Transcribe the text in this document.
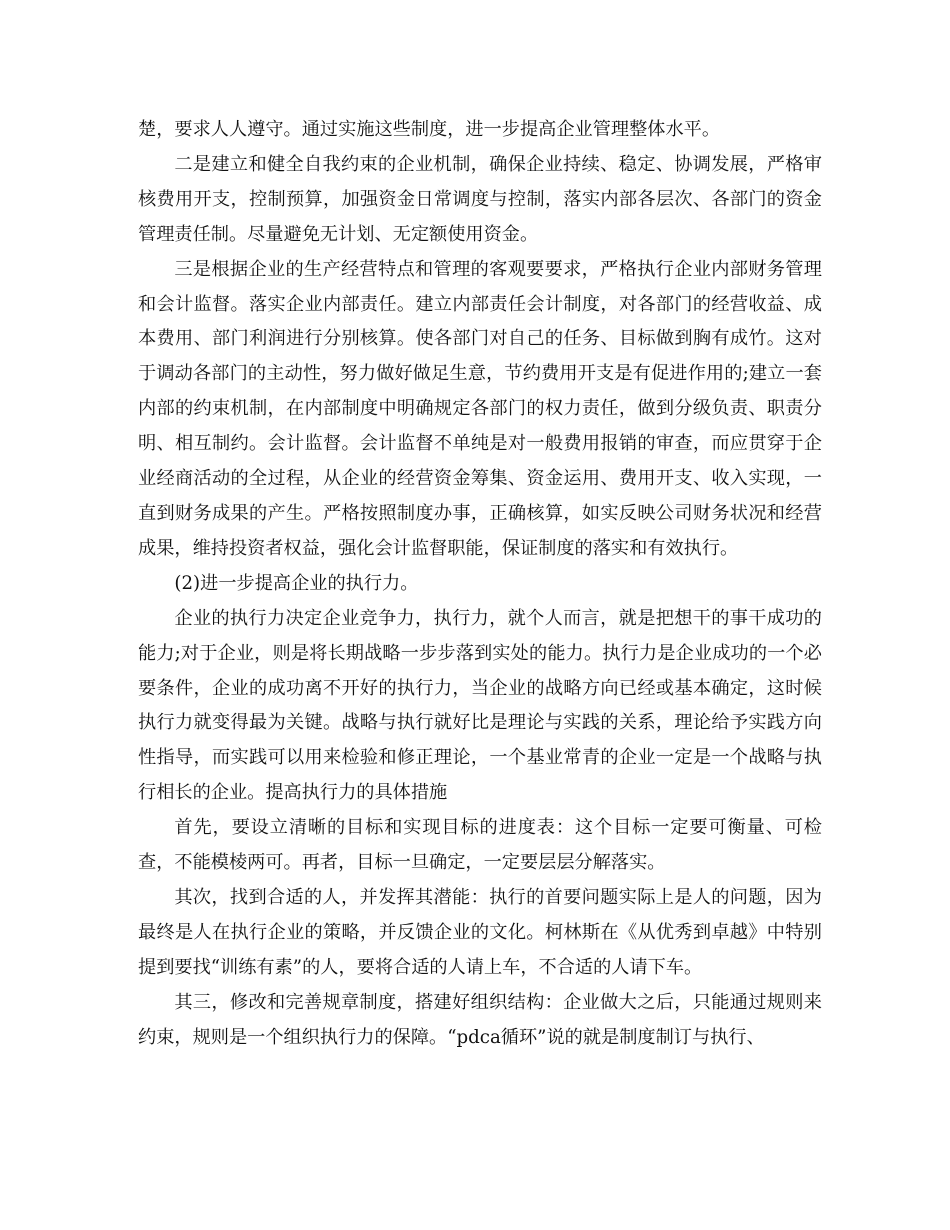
楚，要求人人遵守。通过实施这些制度，进一步提高企业管理整体水平。

二是建立和健全自我约束的企业机制，确保企业持续、稳定、协调发展，严格审核费用开支，控制预算，加强资金日常调度与控制，落实内部各层次、各部门的资金管理责任制。尽量避免无计划、无定额使用资金。

三是根据企业的生产经营特点和管理的客观要要求，严格执行企业内部财务管理和会计监督。落实企业内部责任。建立内部责任会计制度，对各部门的经营收益、成本费用、部门利润进行分别核算。使各部门对自己的任务、目标做到胸有成竹。这对于调动各部门的主动性，努力做好做足生意，节约费用开支是有促进作用的;建立一套内部的约束机制，在内部制度中明确规定各部门的权力责任，做到分级负责、职责分明、相互制约。会计监督。会计监督不单纯是对一般费用报销的审查，而应贯穿于企业经商活动的全过程，从企业的经营资金筹集、资金运用、费用开支、收入实现，一直到财务成果的产生。严格按照制度办事，正确核算，如实反映公司财务状况和经营成果，维持投资者权益，强化会计监督职能，保证制度的落实和有效执行。

(2)进一步提高企业的执行力。

企业的执行力决定企业竞争力，执行力，就个人而言，就是把想干的事干成功的能力;对于企业，则是将长期战略一步步落到实处的能力。执行力是企业成功的一个必要条件，企业的成功离不开好的执行力，当企业的战略方向已经或基本确定，这时候执行力就变得最为关键。战略与执行就好比是理论与实践的关系，理论给予实践方向性指导，而实践可以用来检验和修正理论，一个基业常青的企业一定是一个战略与执行相长的企业。提高执行力的具体措施

首先，要设立清晰的目标和实现目标的进度表：这个目标一定要可衡量、可检查，不能模棱两可。再者，目标一旦确定，一定要层层分解落实。

其次，找到合适的人，并发挥其潜能：执行的首要问题实际上是人的问题，因为最终是人在执行企业的策略，并反馈企业的文化。柯林斯在《从优秀到卓越》中特别提到要找“训练有素”的人，要将合适的人请上车，不合适的人请下车。

其三，修改和完善规章制度，搭建好组织结构：企业做大之后，只能通过规则来约束，规则是一个组织执行力的保障。“pdca循环”说的就是制度制订与执行、
